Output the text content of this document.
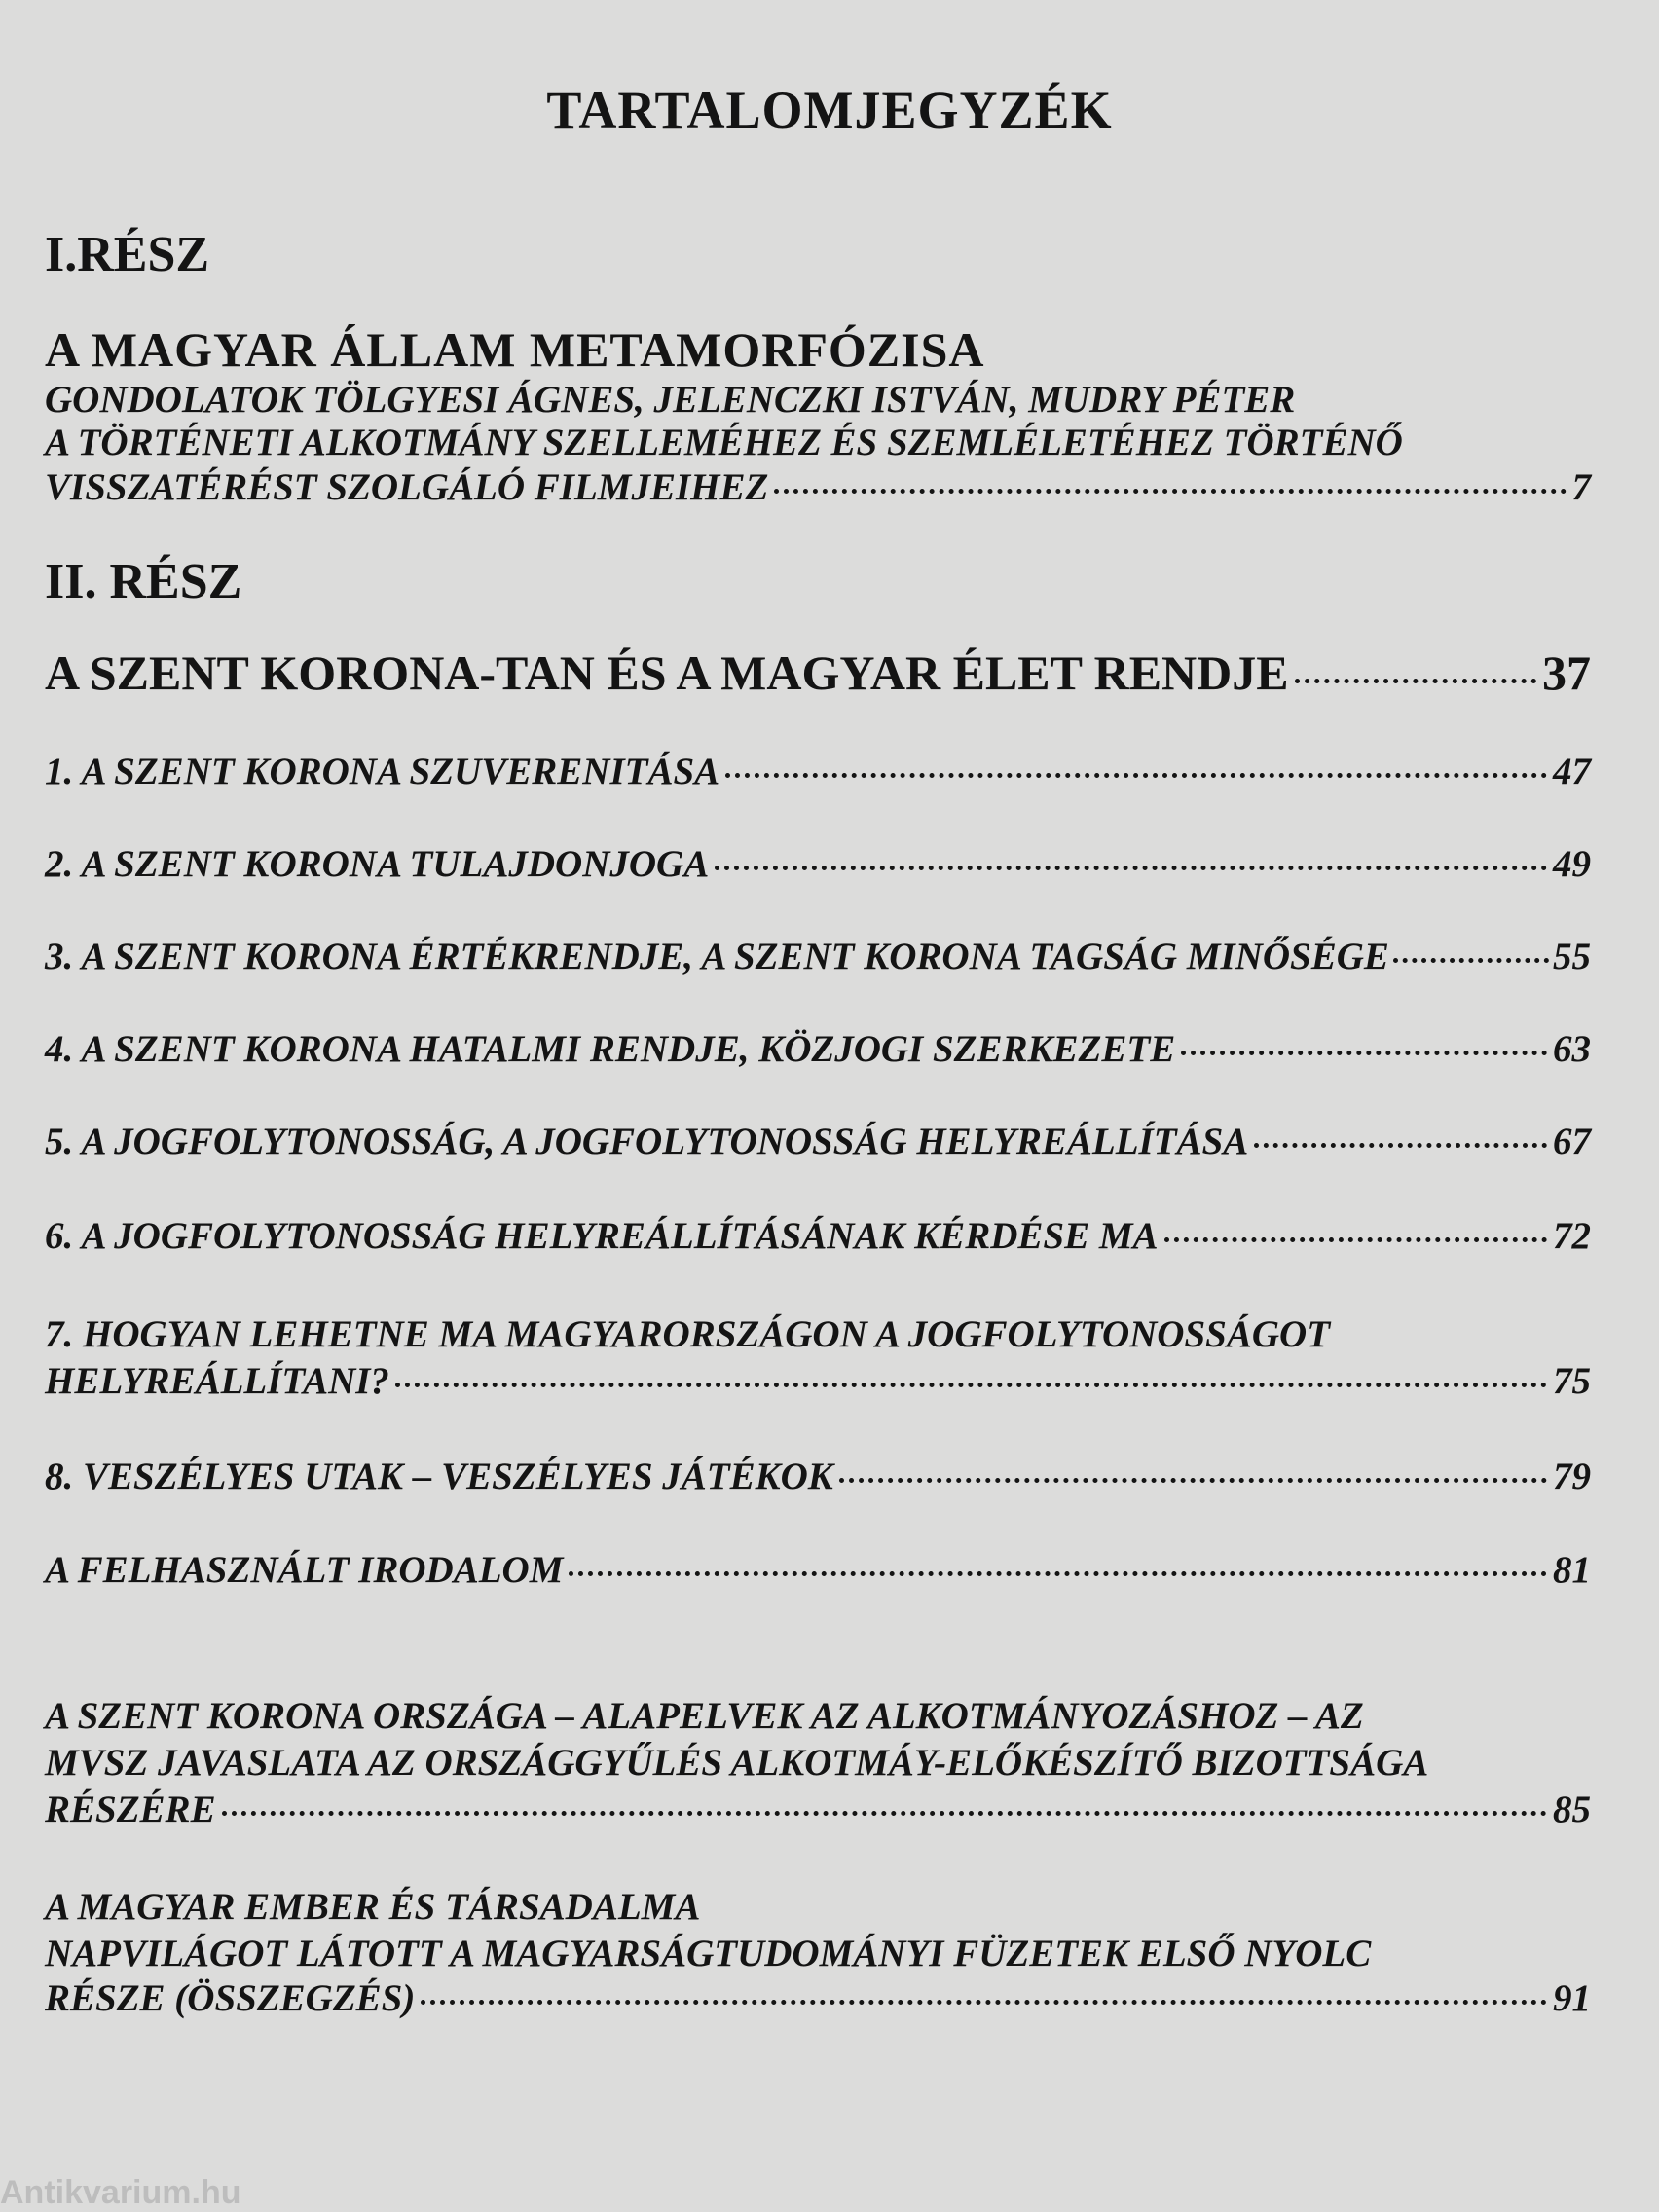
TARTALOMJEGYZÉK
I.RÉSZ
A MAGYAR ÁLLAM METAMORFÓZISA
GONDOLATOK TÖLGYESI ÁGNES, JELENCZKI ISTVÁN, MUDRY PÉTER
A TÖRTÉNETI ALKOTMÁNY SZELLEMÉHEZ ÉS SZEMLÉLETÉHEZ TÖRTÉNŐ
VISSZATÉRÉST SZOLGÁLÓ FILMJEIHEZ	7
II. RÉSZ
A SZENT KORONA-TAN ÉS A MAGYAR ÉLET RENDJE	37
1. A SZENT KORONA SZUVERENITÁSA	47
2. A SZENT KORONA TULAJDONJOGA	49
3. A SZENT KORONA ÉRTÉKRENDJE, A SZENT KORONA TAGSÁG MINŐSÉGE	55
4. A SZENT KORONA HATALMI RENDJE, KÖZJOGI SZERKEZETE	63
5. A JOGFOLYTONOSSÁG, A JOGFOLYTONOSSÁG HELYREÁLLÍTÁSA	67
6. A JOGFOLYTONOSSÁG HELYREÁLLÍTÁSÁNAK KÉRDÉSE MA	72
7. HOGYAN LEHETNE MA MAGYARORSZÁGON A JOGFOLYTONOSSÁGOT
HELYREÁLLÍTANI?	75
8. VESZÉLYES UTAK – VESZÉLYES JÁTÉKOK	79
A FELHASZNÁLT IRODALOM	81
A SZENT KORONA ORSZÁGA – ALAPELVEK AZ ALKOTMÁNYOZÁSHOZ – AZ
MVSZ JAVASLATA AZ ORSZÁGGYŰLÉS ALKOTMÁY-ELŐKÉSZÍTŐ BIZOTTSÁGA
RÉSZÉRE	85
A MAGYAR EMBER ÉS TÁRSADALMA
NAPVILÁGOT LÁTOTT A MAGYARSÁGTUDOMÁNYI FÜZETEK ELSŐ NYOLC
RÉSZE (ÖSSZEGZÉS)	91
Antikvarium.hu
